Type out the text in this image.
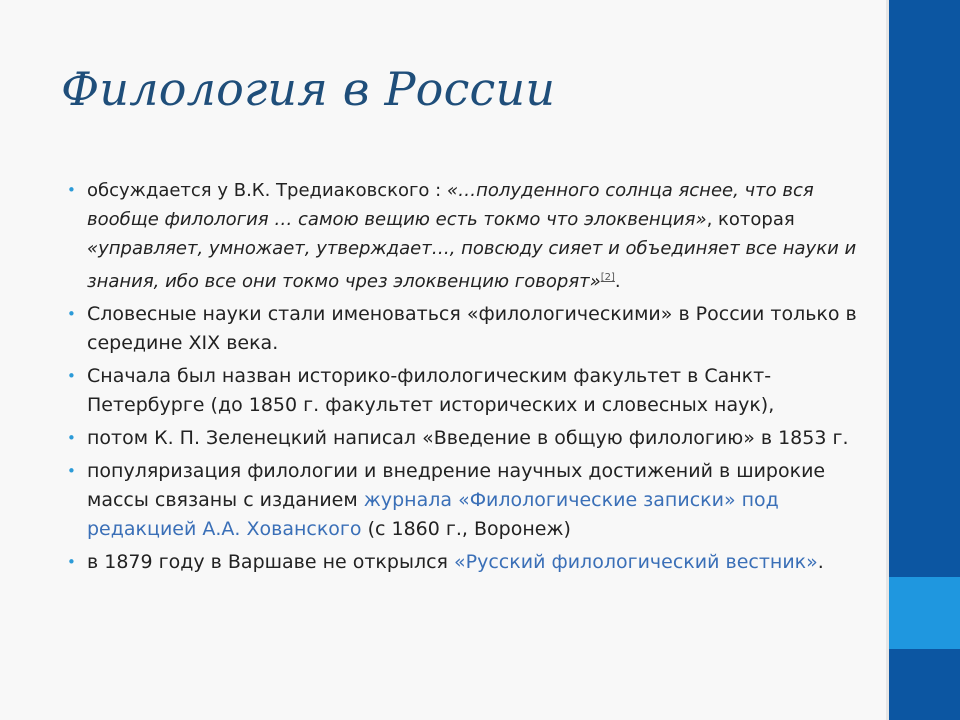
Филология в России
• обсуждается у В.К. Тредиаковского : «…полуденного солнца яснее, что вся вообще филология … самою вещию есть токмо что элоквенция», которая «управляет, умножает, утверждает…, повсюду сияет и объединяет все науки и знания, ибо все они токмо чрез элоквенцию говорят»[2].
• Словесные науки стали именоваться «филологическими» в России только в середине XIX века.
• Сначала был назван историко-филологическим факультет в Санкт-Петербурге (до 1850 г. факультет исторических и словесных наук),
• потом К. П. Зеленецкий написал «Введение в общую филологию» в 1853 г.
• популяризация филологии и внедрение научных достижений в широкие массы связаны с изданием журнала «Филологические записки» под редакцией А.А. Хованского (с 1860 г., Воронеж)
• в 1879 году в Варшаве не открылся «Русский филологический вестник».
